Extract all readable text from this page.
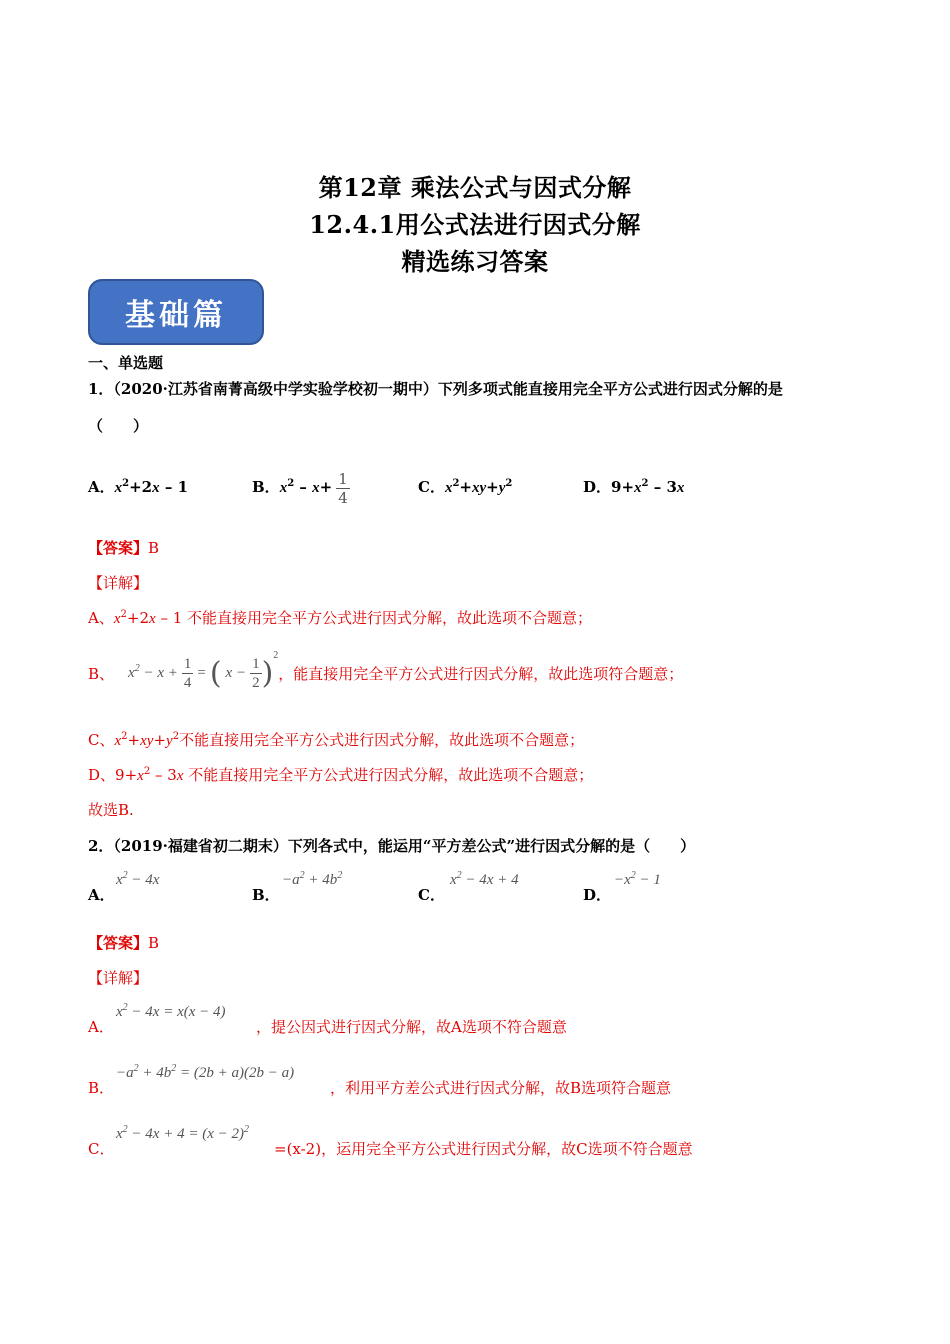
第12章 乘法公式与因式分解
12.4.1用公式法进行因式分解
精选练习答案
基础篇
一、单选题
1．（2020·江苏省南菁高级中学实验学校初一期中）下列多项式能直接用完全平方公式进行因式分解的是
（　　）
A．$x^2+2x - 1$	B．$x^2 - x+ \frac{1}{4}$	C．$x^2+xy+y^2$	D．$9+x^2 - 3x$
【答案】B
【详解】
A、$x^2+2x - 1$ 不能直接用完全平方公式进行因式分解，故此选项不合题意；
B、 $x^2 - x + \frac{1}{4}$ = ( $x - \frac{1}{2}$ )
2
，能直接用完全平方公式进行因式分解，故此选项符合题意；
C、$x^2+xy+y^2$不能直接用完全平方公式进行因式分解，故此选项不合题意；
D、$9+x^2 - 3x$ 不能直接用完全平方公式进行因式分解，故此选项不合题意；
故选B.
2．（2019·福建省初二期末）下列各式中，能运用“平方差公式”进行因式分解的是（　　）
A．
$x^2 - 4x$
B．
$-a^2 + 4b^2$
C．
$x^2 - 4x + 4$
D．
$-x^2 - 1$
【答案】B
【详解】
A．
$x^2 - 4x = x(x - 4)$
，提公因式进行因式分解，故A选项不符合题意
B．
$-a^2 + 4b^2 = (2b + a)(2b - a)$
，利用平方差公式进行因式分解，故B选项符合题意
C．
$x^2 - 4x + 4 = (x - 2)^2$
=(x-2)，运用完全平方公式进行因式分解，故C选项不符合题意
